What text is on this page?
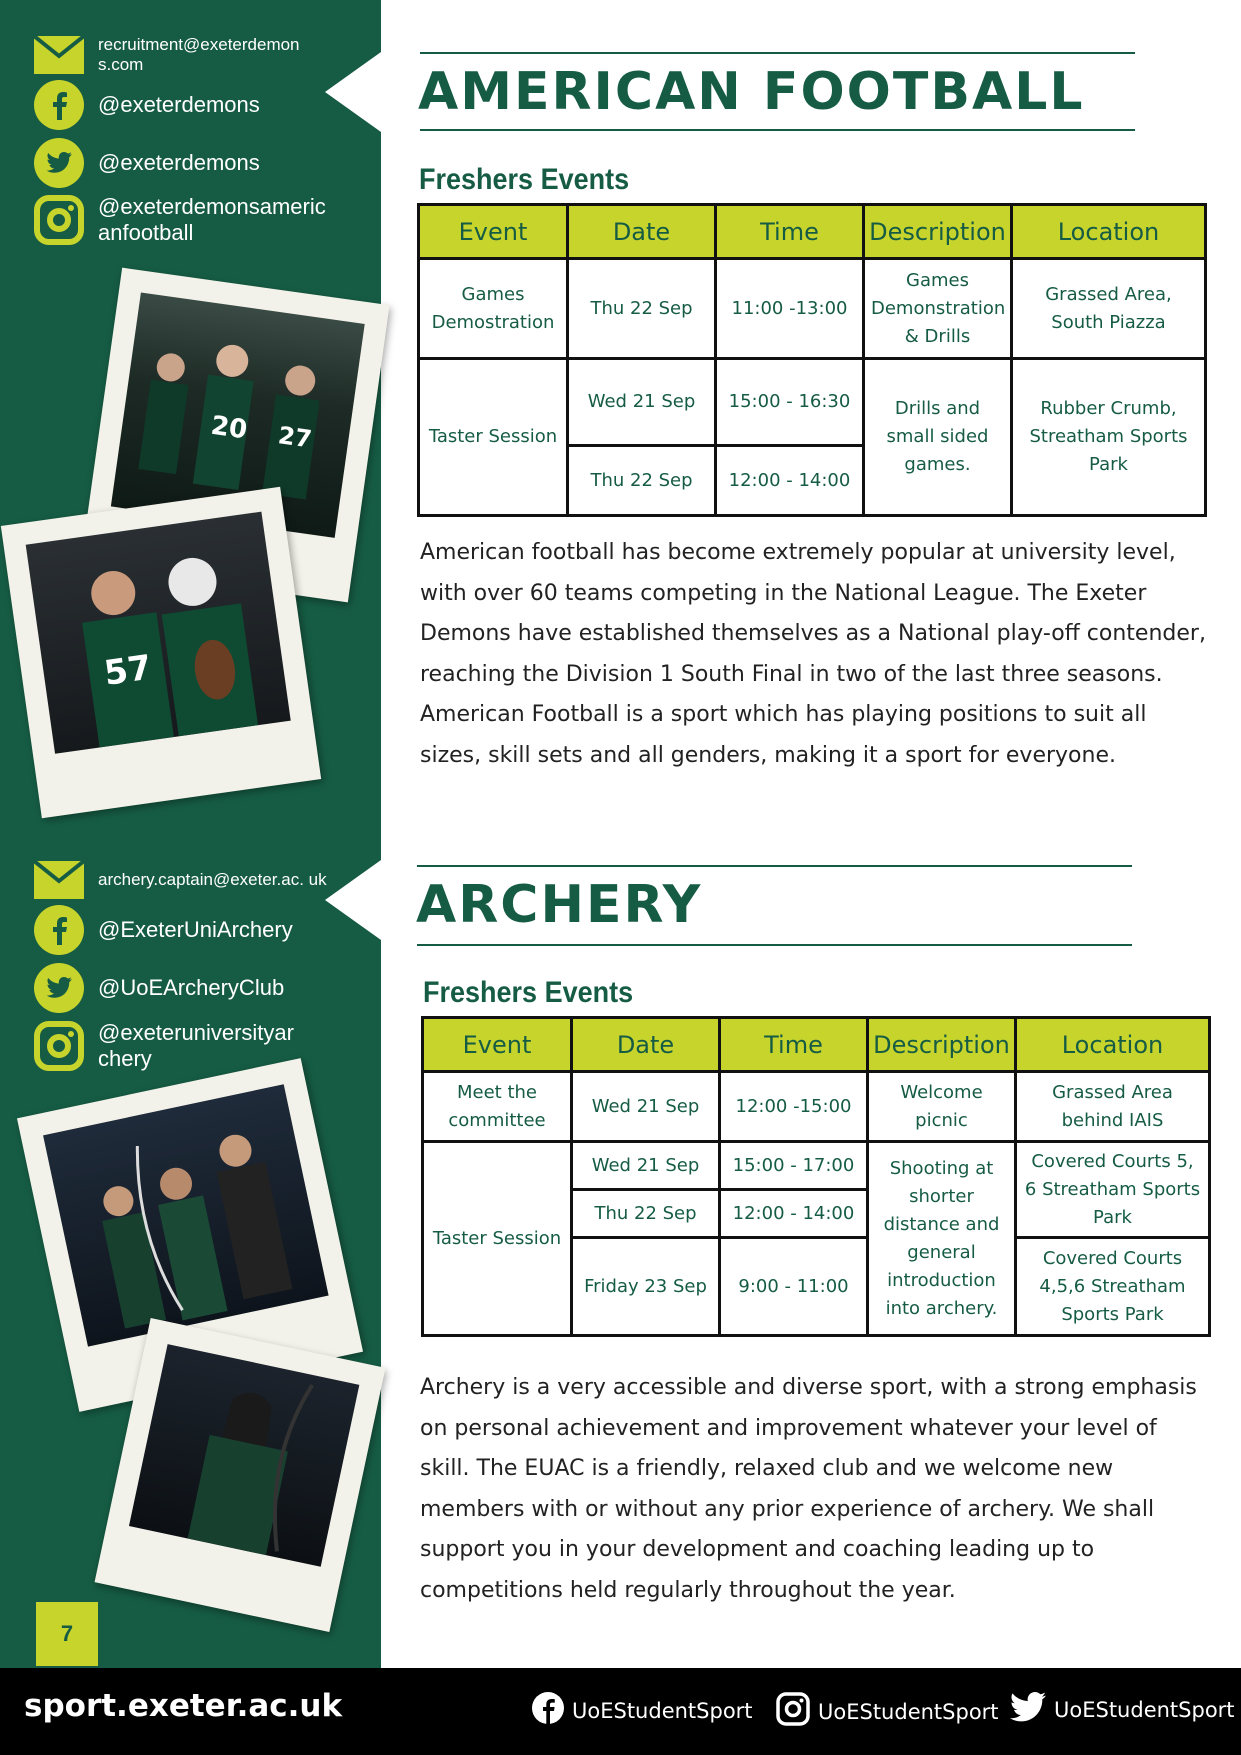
recruitment@exeterdemon s.com
@exeterdemons
@exeterdemons
@exeterdemonsameric anfootball
20 27
57
archery.captain@exeter.ac. uk
@ExeterUniArchery
@UoEArcheryClub
@exeteruniversityar chery
7
AMERICAN FOOTBALL
Freshers Events
Event	Date	Time	Description	Location
Games Demostration	Thu 22 Sep	11:00 -13:00	Games Demonstration & Drills	Grassed Area, South Piazza
Taster Session	Wed 21 Sep	15:00 - 16:30	Drills and small sided games.	Rubber Crumb, Streatham Sports Park
	Thu 22 Sep	12:00 - 14:00		
American football has become extremely popular at university level, with over 60 teams competing in the National League. The Exeter Demons have established themselves as a National play-off contender, reaching the Division 1 South Final in two of the last three seasons. American Football is a sport which has playing positions to suit all sizes, skill sets and all genders, making it a sport for everyone.
ARCHERY
Freshers Events
Event	Date	Time	Description	Location
Meet the committee	Wed 21 Sep	12:00 -15:00	Welcome picnic	Grassed Area behind IAIS
Taster Session	Wed 21 Sep	15:00 - 17:00	Shooting at shorter distance and general introduction into archery.	Covered Courts 5, 6 Streatham Sports Park
	Thu 22 Sep	12:00 - 14:00		
	Friday 23 Sep	9:00 - 11:00		Covered Courts 4,5,6 Streatham Sports Park
Archery is a very accessible and diverse sport, with a strong emphasis on personal achievement and improvement whatever your level of skill. The EUAC is a friendly, relaxed club and we welcome new members with or without any prior experience of archery. We shall support you in your development and coaching leading up to competitions held regularly throughout the year.
sport.exeter.ac.uk	UoEStudentSport	UoEStudentSport	UoEStudentSport
